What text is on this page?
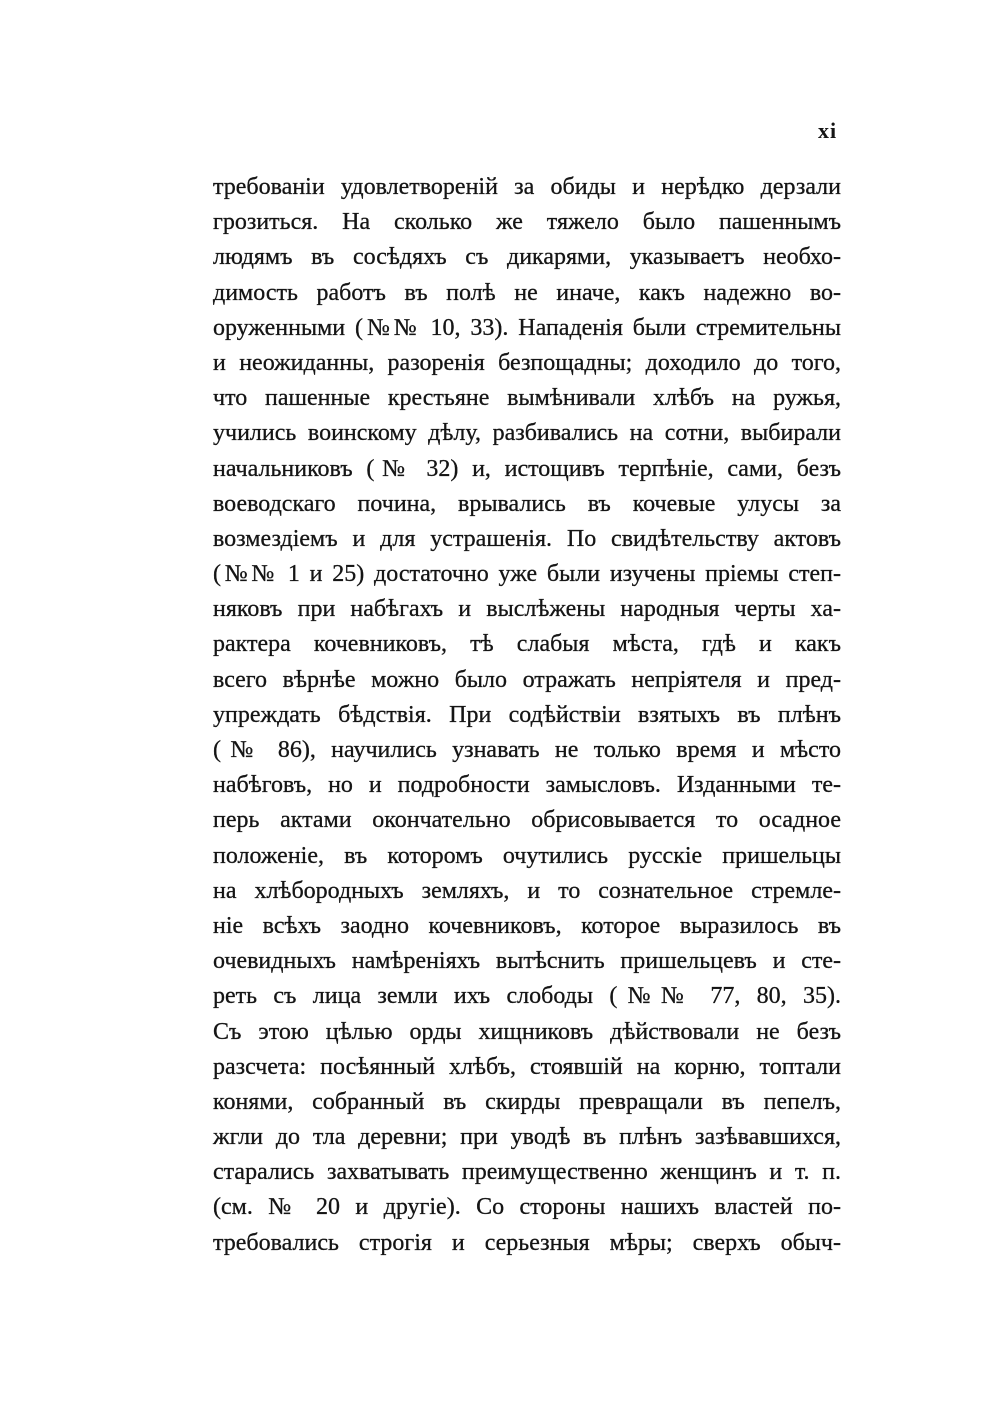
xi
требованіи удовлетвореній за обиды и нерѣдко дерзали
грозиться. На сколько же тяжело было пашеннымъ
людямъ въ сосѣдяхъ съ дикарями, указываетъ необхо-
димость работъ въ полѣ не иначе, какъ надежно во-
оруженными (№№ 10, 33). Нападенія были стремительны
и неожиданны, разоренія безпощадны; доходило до того,
что пашенные крестьяне вымѣнивали хлѣбъ на ружья,
учились воинскому дѣлу, разбивались на сотни, выбирали
начальниковъ (№ 32) и, истощивъ терпѣніе, сами, безъ
воеводскаго почина, врывались въ кочевые улусы за
возмездіемъ и для устрашенія. По свидѣтельству актовъ
(№№ 1 и 25) достаточно уже были изучены пріемы степ-
няковъ при набѣгахъ и выслѣжены народныя черты ха-
рактера кочевниковъ, тѣ слабыя мѣста, гдѣ и какъ
всего вѣрнѣе можно было отражать непріятеля и пред-
упреждать бѣдствія. При содѣйствіи взятыхъ въ плѣнъ
(№ 86), научились узнавать не только время и мѣсто
набѣговъ, но и подробности замысловъ. Изданными те-
перь актами окончательно обрисовывается то осадное
положеніе, въ которомъ очутились русскіе пришельцы
на хлѣбородныхъ земляхъ, и то сознательное стремле-
ніе всѣхъ заодно кочевниковъ, которое выразилось въ
очевидныхъ намѣреніяхъ вытѣснить пришельцевъ и сте-
реть съ лица земли ихъ слободы (№№ 77, 80, 35).
Съ этою цѣлью орды хищниковъ дѣйствовали не безъ
разсчета: посѣянный хлѣбъ, стоявшій на корню, топтали
конями, собранный въ скирды превращали въ пепелъ,
жгли до тла деревни; при уводѣ въ плѣнъ зазѣвавшихся,
старались захватывать преимущественно женщинъ и т. п.
(см. № 20 и другіе). Со стороны нашихъ властей по-
требовались строгія и серьезныя мѣры; сверхъ обыч-
